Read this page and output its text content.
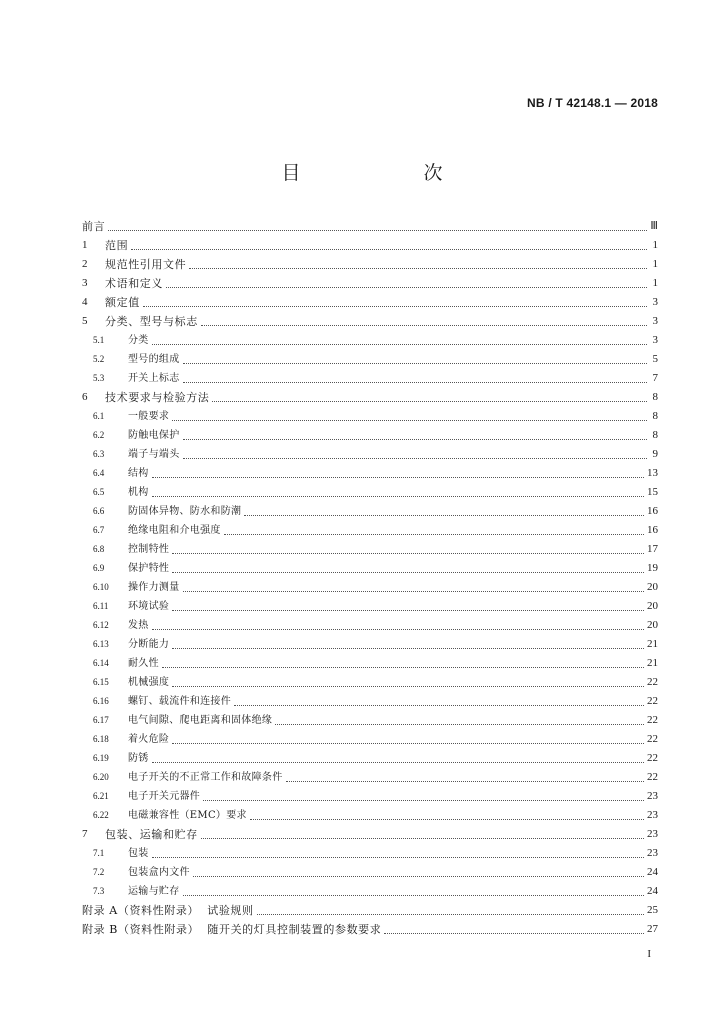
NB / T 42148.1 — 2018
目　次
前言	Ⅲ
1	范围	1
2	规范性引用文件	1
3	术语和定义	1
4	额定值	3
5	分类、型号与标志	3
5.1	分类	3
5.2	型号的组成	5
5.3	开关上标志	7
6	技术要求与检验方法	8
6.1	一般要求	8
6.2	防触电保护	8
6.3	端子与端头	9
6.4	结构	13
6.5	机构	15
6.6	防固体异物、防水和防潮	16
6.7	绝缘电阻和介电强度	16
6.8	控制特性	17
6.9	保护特性	19
6.10	操作力测量	20
6.11	环境试验	20
6.12	发热	20
6.13	分断能力	21
6.14	耐久性	21
6.15	机械强度	22
6.16	螺钉、载流件和连接件	22
6.17	电气间隙、爬电距离和固体绝缘	22
6.18	着火危险	22
6.19	防锈	22
6.20	电子开关的不正常工作和故障条件	22
6.21	电子开关元器件	23
6.22	电磁兼容性（EMC）要求	23
7	包装、运输和贮存	23
7.1	包装	23
7.2	包装盒内文件	24
7.3	运输与贮存	24
附录 A（资料性附录）  试验规则	25
附录 B（资料性附录）  随开关的灯具控制装置的参数要求	27
I
